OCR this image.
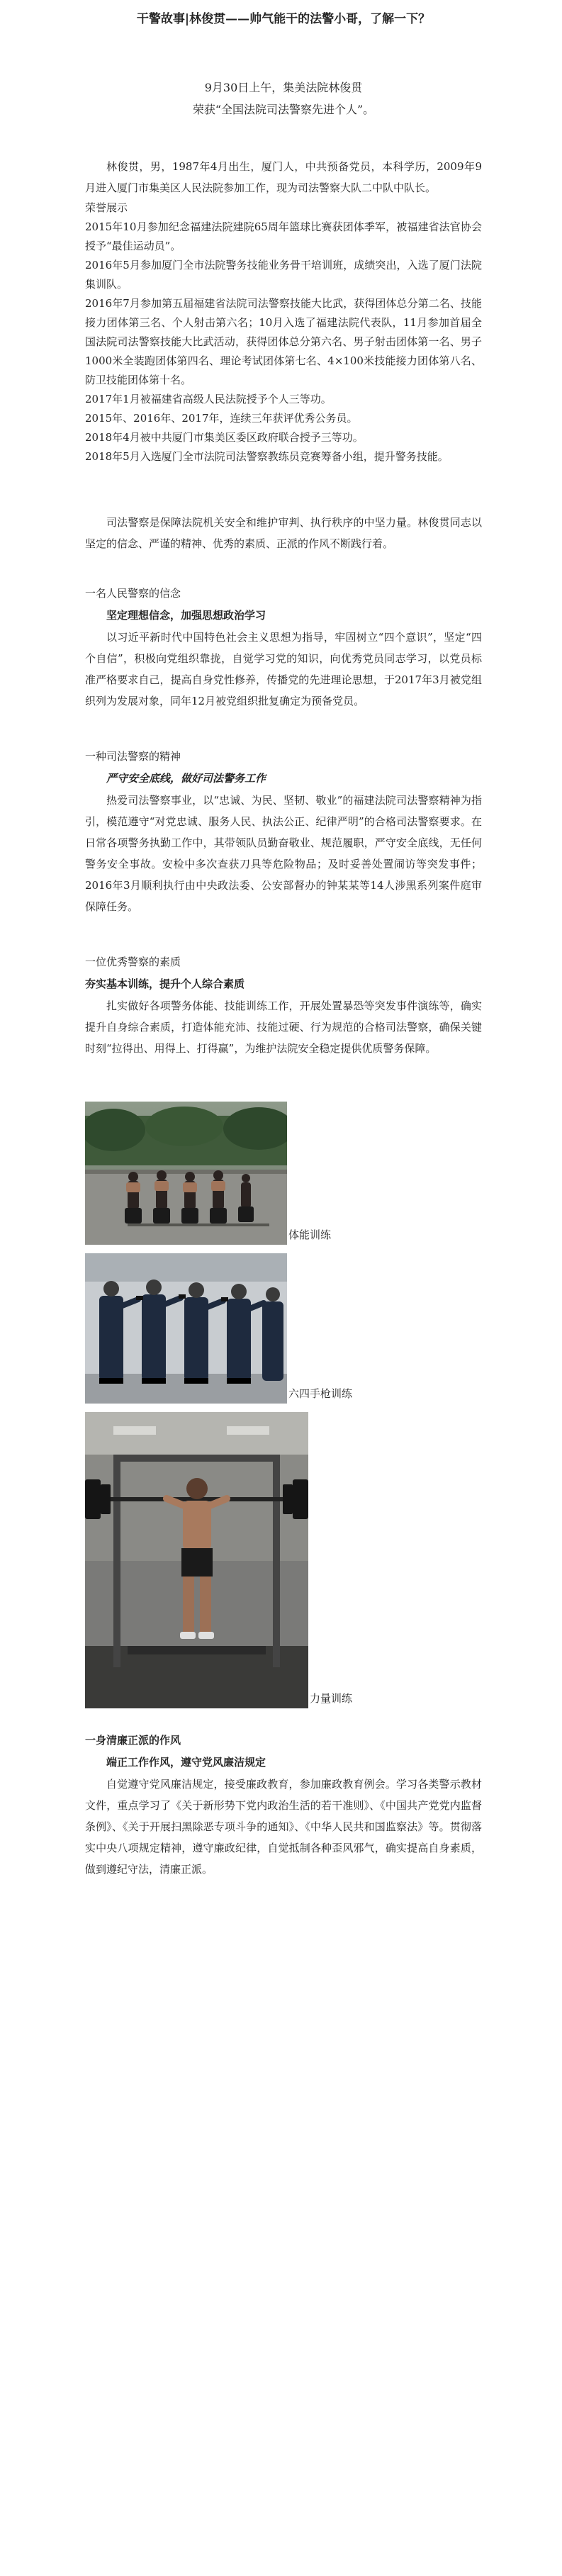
干警故事|林俊贯——帅气能干的法警小哥，了解一下？
9月30日上午，集美法院林俊贯
荣获“全国法院司法警察先进个人”。

林俊贯，男，1987年4月出生，厦门人，中共预备党员，本科学历，2009年9月进入厦门市集美区人民法院参加工作，现为司法警察大队二中队中队长。

荣誉展示

2015年10月参加纪念福建法院建院65周年篮球比赛获团体季军，被福建省法官协会授予“最佳运动员”。

2016年5月参加厦门全市法院警务技能业务骨干培训班，成绩突出，入选了厦门法院集训队。

2016年7月参加第五届福建省法院司法警察技能大比武，获得团体总分第二名、技能接力团体第三名、个人射击第六名；10月入选了福建法院代表队，11月参加首届全国法院司法警察技能大比武活动，获得团体总分第六名、男子射击团体第一名、男子1000米全装跑团体第四名、理论考试团体第七名、4×100米技能接力团体第八名、防卫技能团体第十名。

2017年1月被福建省高级人民法院授予个人三等功。

2015年、2016年、2017年，连续三年获评优秀公务员。

2018年4月被中共厦门市集美区委区政府联合授予三等功。

2018年5月入选厦门全市法院司法警察教练员竞赛筹备小组，提升警务技能。

司法警察是保障法院机关安全和维护审判、执行秩序的中坚力量。林俊贯同志以坚定的信念、严谨的精神、优秀的素质、正派的作风不断践行着。

一名人民警察的信念

坚定理想信念，加强思想政治学习

以习近平新时代中国特色社会主义思想为指导，牢固树立“四个意识”，坚定“四个自信”，积极向党组织靠拢，自觉学习党的知识，向优秀党员同志学习，以党员标准严格要求自己，提高自身党性修养，传播党的先进理论思想，于2017年3月被党组织列为发展对象，同年12月被党组织批复确定为预备党员。

一种司法警察的精神

严守安全底线，做好司法警务工作

热爱司法警察事业，以“忠诚、为民、坚韧、敬业”的福建法院司法警察精神为指引，模范遵守“对党忠诚、服务人民、执法公正、纪律严明”的合格司法警察要求。在日常各项警务执勤工作中，其带领队员勤奋敬业、规范履职，严守安全底线，无任何警务安全事故。安检中多次查获刀具等危险物品；及时妥善处置闹访等突发事件；2016年3月顺利执行由中央政法委、公安部督办的钟某某等14人涉黑系列案件庭审保障任务。

一位优秀警察的素质

夯实基本训练，提升个人综合素质

扎实做好各项警务体能、技能训练工作，开展处置暴恐等突发事件演练等，确实提升自身综合素质，打造体能充沛、技能过硬、行为规范的合格司法警察，确保关键时刻“拉得出、用得上、打得赢”，为维护法院安全稳定提供优质警务保障。

体能训练
六四手枪训练
力量训练

一身清廉正派的作风

端正工作作风，遵守党风廉洁规定

自觉遵守党风廉洁规定，接受廉政教育，参加廉政教育例会。学习各类警示教材文件，重点学习了《关于新形势下党内政治生活的若干准则》、《中国共产党党内监督条例》、《关于开展扫黑除恶专项斗争的通知》、《中华人民共和国监察法》等。贯彻落实中央八项规定精神，遵守廉政纪律，自觉抵制各种歪风邪气，确实提高自身素质，做到遵纪守法，清廉正派。
